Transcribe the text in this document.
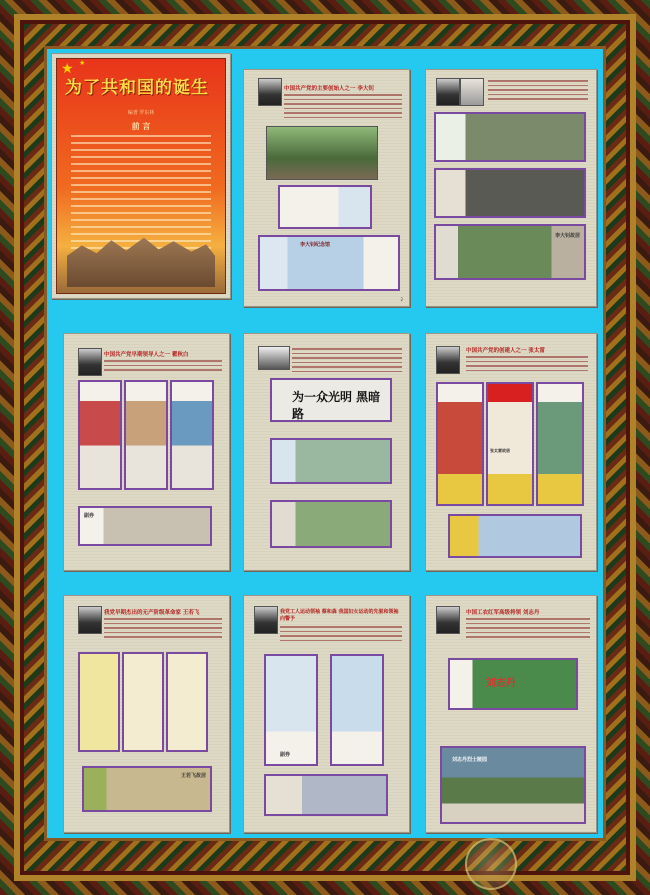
为了共和国的诞生
★ ★
编著 罗东林
前 言
中国共产党的主要创始人之一 李大钊
李大钊纪念馆
2
李大钊故居
中国共产党早期领导人之一 瞿秋白
副券
为一众光明 黑暗路
中国共产党的创建人之一 张太雷
张太雷故居
我党早期杰出的无产阶级革命家 王若飞
王若飞故居
我党工人运动领袖 蔡和森 我国妇女运动的先驱和领袖 向警予
副券
中国工农红军高级将领 刘志丹
刘志丹
刘志丹烈士陵园
